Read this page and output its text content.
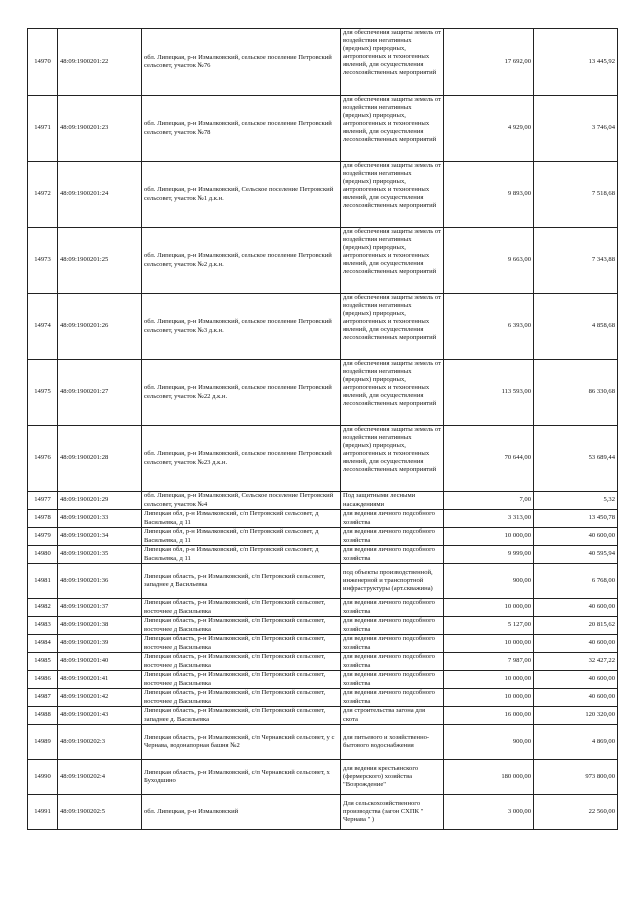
14970	48:09:1900201:22	обл. Липецкая, р-н Измалковский, сельское поселение Петровский сельсовет, участок №76	для обеспечения защиты земель от воздействия негативных (вредных) природных, антропогенных и техногенных явлений, для осуществления лесохозяйственных мероприятий	17 692,00	13 445,92
14971	48:09:1900201:23	обл. Липецкая, р-н Измалковский, сельское поселение Петровский сельсовет, участок №78	для обеспечения защиты земель от воздействия негативных (вредных) природных, антропогенных и техногенных явлений, для осуществления лесохозяйственных мероприятий	4 929,00	3 746,04
14972	48:09:1900201:24	обл. Липецкая, р-н Измалковский, Сельское поселение Петровский сельсовет, участок №1 д.к.н.	для обеспечения защиты земель от воздействия негативных (вредных) природных, антропогенных и техногенных явлений, для осуществления лесохозяйственных мероприятий	9 893,00	7 518,68
14973	48:09:1900201:25	обл. Липецкая, р-н Измалковский, сельское поселение Петровский сельсовет, участок №2 д.к.н.	для обеспечения защиты земель от воздействия негативных (вредных) природных, антропогенных и техногенных явлений, для осуществления лесохозяйственных мероприятий	9 663,00	7 343,88
14974	48:09:1900201:26	обл. Липецкая, р-н Измалковский, сельское поселение Петровский сельсовет, участок №3 д.к.н.	для обеспечения защиты земель от воздействия негативных (вредных) природных, антропогенных и техногенных явлений, для осуществления лесохозяйственных мероприятий	6 393,00	4 858,68
14975	48:09:1900201:27	обл. Липецкая, р-н Измалковский, сельское поселение Петровский сельсовет, участок №22 д.к.н.	для обеспечения защиты земель от воздействия негативных (вредных) природных, антропогенных и техногенных явлений, для осуществления лесохозяйственных мероприятий	113 593,00	86 330,68
14976	48:09:1900201:28	обл. Липецкая, р-н Измалковский, сельское поселение Петровский сельсовет, участок №23 д.к.н.	для обеспечения защиты земель от воздействия негативных (вредных) природных, антропогенных и техногенных явлений, для осуществления лесохозяйственных мероприятий	70 644,00	53 689,44
14977	48:09:1900201:29	обл. Липецкая, р-н Измалковский, Сельское поселение Петровский сельсовет, участок №4	Под защитными лесными насаждениями	7,00	5,32
14978	48:09:1900201:33	Липецкая обл, р-н Измалковский, с/п Петровский сельсовет, д Васильевка, д 11	для ведения личного подсобного хозяйства	3 313,00	13 450,78
14979	48:09:1900201:34	Липецкая обл, р-н Измалковский, с/п Петровский сельсовет, д Васильевка, д 11	для ведения личного подсобного хозяйства	10 000,00	40 600,00
14980	48:09:1900201:35	Липецкая обл, р-н Измалковский, с/п Петровский сельсовет, д Васильевка, д 11	для ведения личного подсобного хозяйства	9 999,00	40 595,94
14981	48:09:1900201:36	Липецкая область, р-н Измалковский, с/п Петровский сельсовет, западнее д Васильевка	под объекты производственной, инженерной и транспортной инфраструктуры (арт.скважина)	900,00	6 768,00
14982	48:09:1900201:37	Липецкая область, р-н Измалковский, с/п Петровский сельсовет, восточнее д Васильевка	для ведения личного подсобного хозяйства	10 000,00	40 600,00
14983	48:09:1900201:38	Липецкая область, р-н Измалковский, с/п Петровский сельсовет, восточнее д Васильевка	для ведения личного подсобного хозяйства	5 127,00	20 815,62
14984	48:09:1900201:39	Липецкая область, р-н Измалковский, с/п Петровский сельсовет, восточнее д Васильевка	для ведения личного подсобного хозяйства	10 000,00	40 600,00
14985	48:09:1900201:40	Липецкая область, р-н Измалковский, с/п Петровский сельсовет, восточнее д Васильевка	для ведения личного подсобного хозяйства	7 987,00	32 427,22
14986	48:09:1900201:41	Липецкая область, р-н Измалковский, с/п Петровский сельсовет, восточнее д Васильевка	для ведения личного подсобного хозяйства	10 000,00	40 600,00
14987	48:09:1900201:42	Липецкая область, р-н Измалковский, с/п Петровский сельсовет, восточнее д Васильевка	для ведения личного подсобного хозяйства	10 000,00	40 600,00
14988	48:09:1900201:43	Липецкая область, р-н Измалковский, с/п Петровский сельсовет, западнее д. Васильевка	для строительства загона для скота	16 000,00	120 320,00
14989	48:09:1900202:3	Липецкая область, р-н Измалковский, с/п Чернавский сельсовет, у с Чернава, водонапорная башня №2	для питьевого и хозяйственно-бытового водоснабжения	900,00	4 869,00
14990	48:09:1900202:4	Липецкая область, р-н Измалковский, с/п Чернавский сельсовет, х Буходшино	для ведения крестьянского (фермерского) хозяйства "Возрождение"	180 000,00	973 800,00
14991	48:09:1900202:5	обл. Липецкая, р-н Измалковский	Для сельскохозяйственного производства (загон СХПК " Чернава " )	3 000,00	22 560,00
